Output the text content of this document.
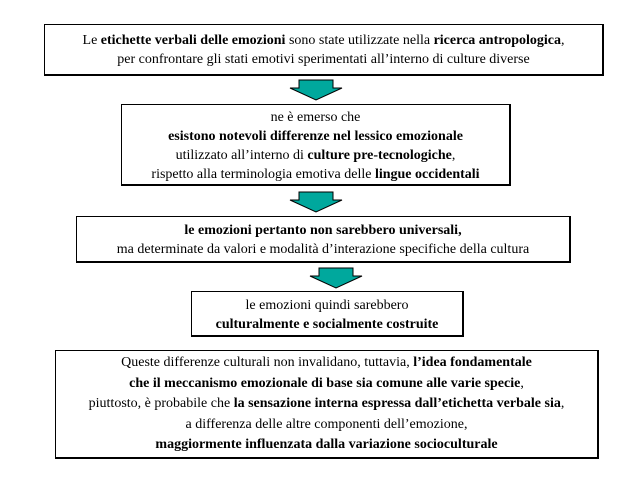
Le etichette verbali delle emozioni sono state utilizzate nella ricerca antropologica,

per confrontare gli stati emotivi sperimentati all’interno di culture diverse

ne è emerso che

esistono notevoli differenze nel lessico emozionale

utilizzato all’interno di culture pre-tecnologiche,

rispetto alla terminologia emotiva delle lingue occidentali

le emozioni pertanto non sarebbero universali,

ma determinate da valori e modalità d’interazione specifiche della cultura

le emozioni quindi sarebbero

culturalmente e socialmente costruite

Queste differenze culturali non invalidano, tuttavia, l’idea fondamentale

che il meccanismo emozionale di base sia comune alle varie specie,

piuttosto, è probabile che la sensazione interna espressa dall’etichetta verbale sia,

a differenza delle altre componenti dell’emozione,

maggiormente influenzata dalla variazione socioculturale
